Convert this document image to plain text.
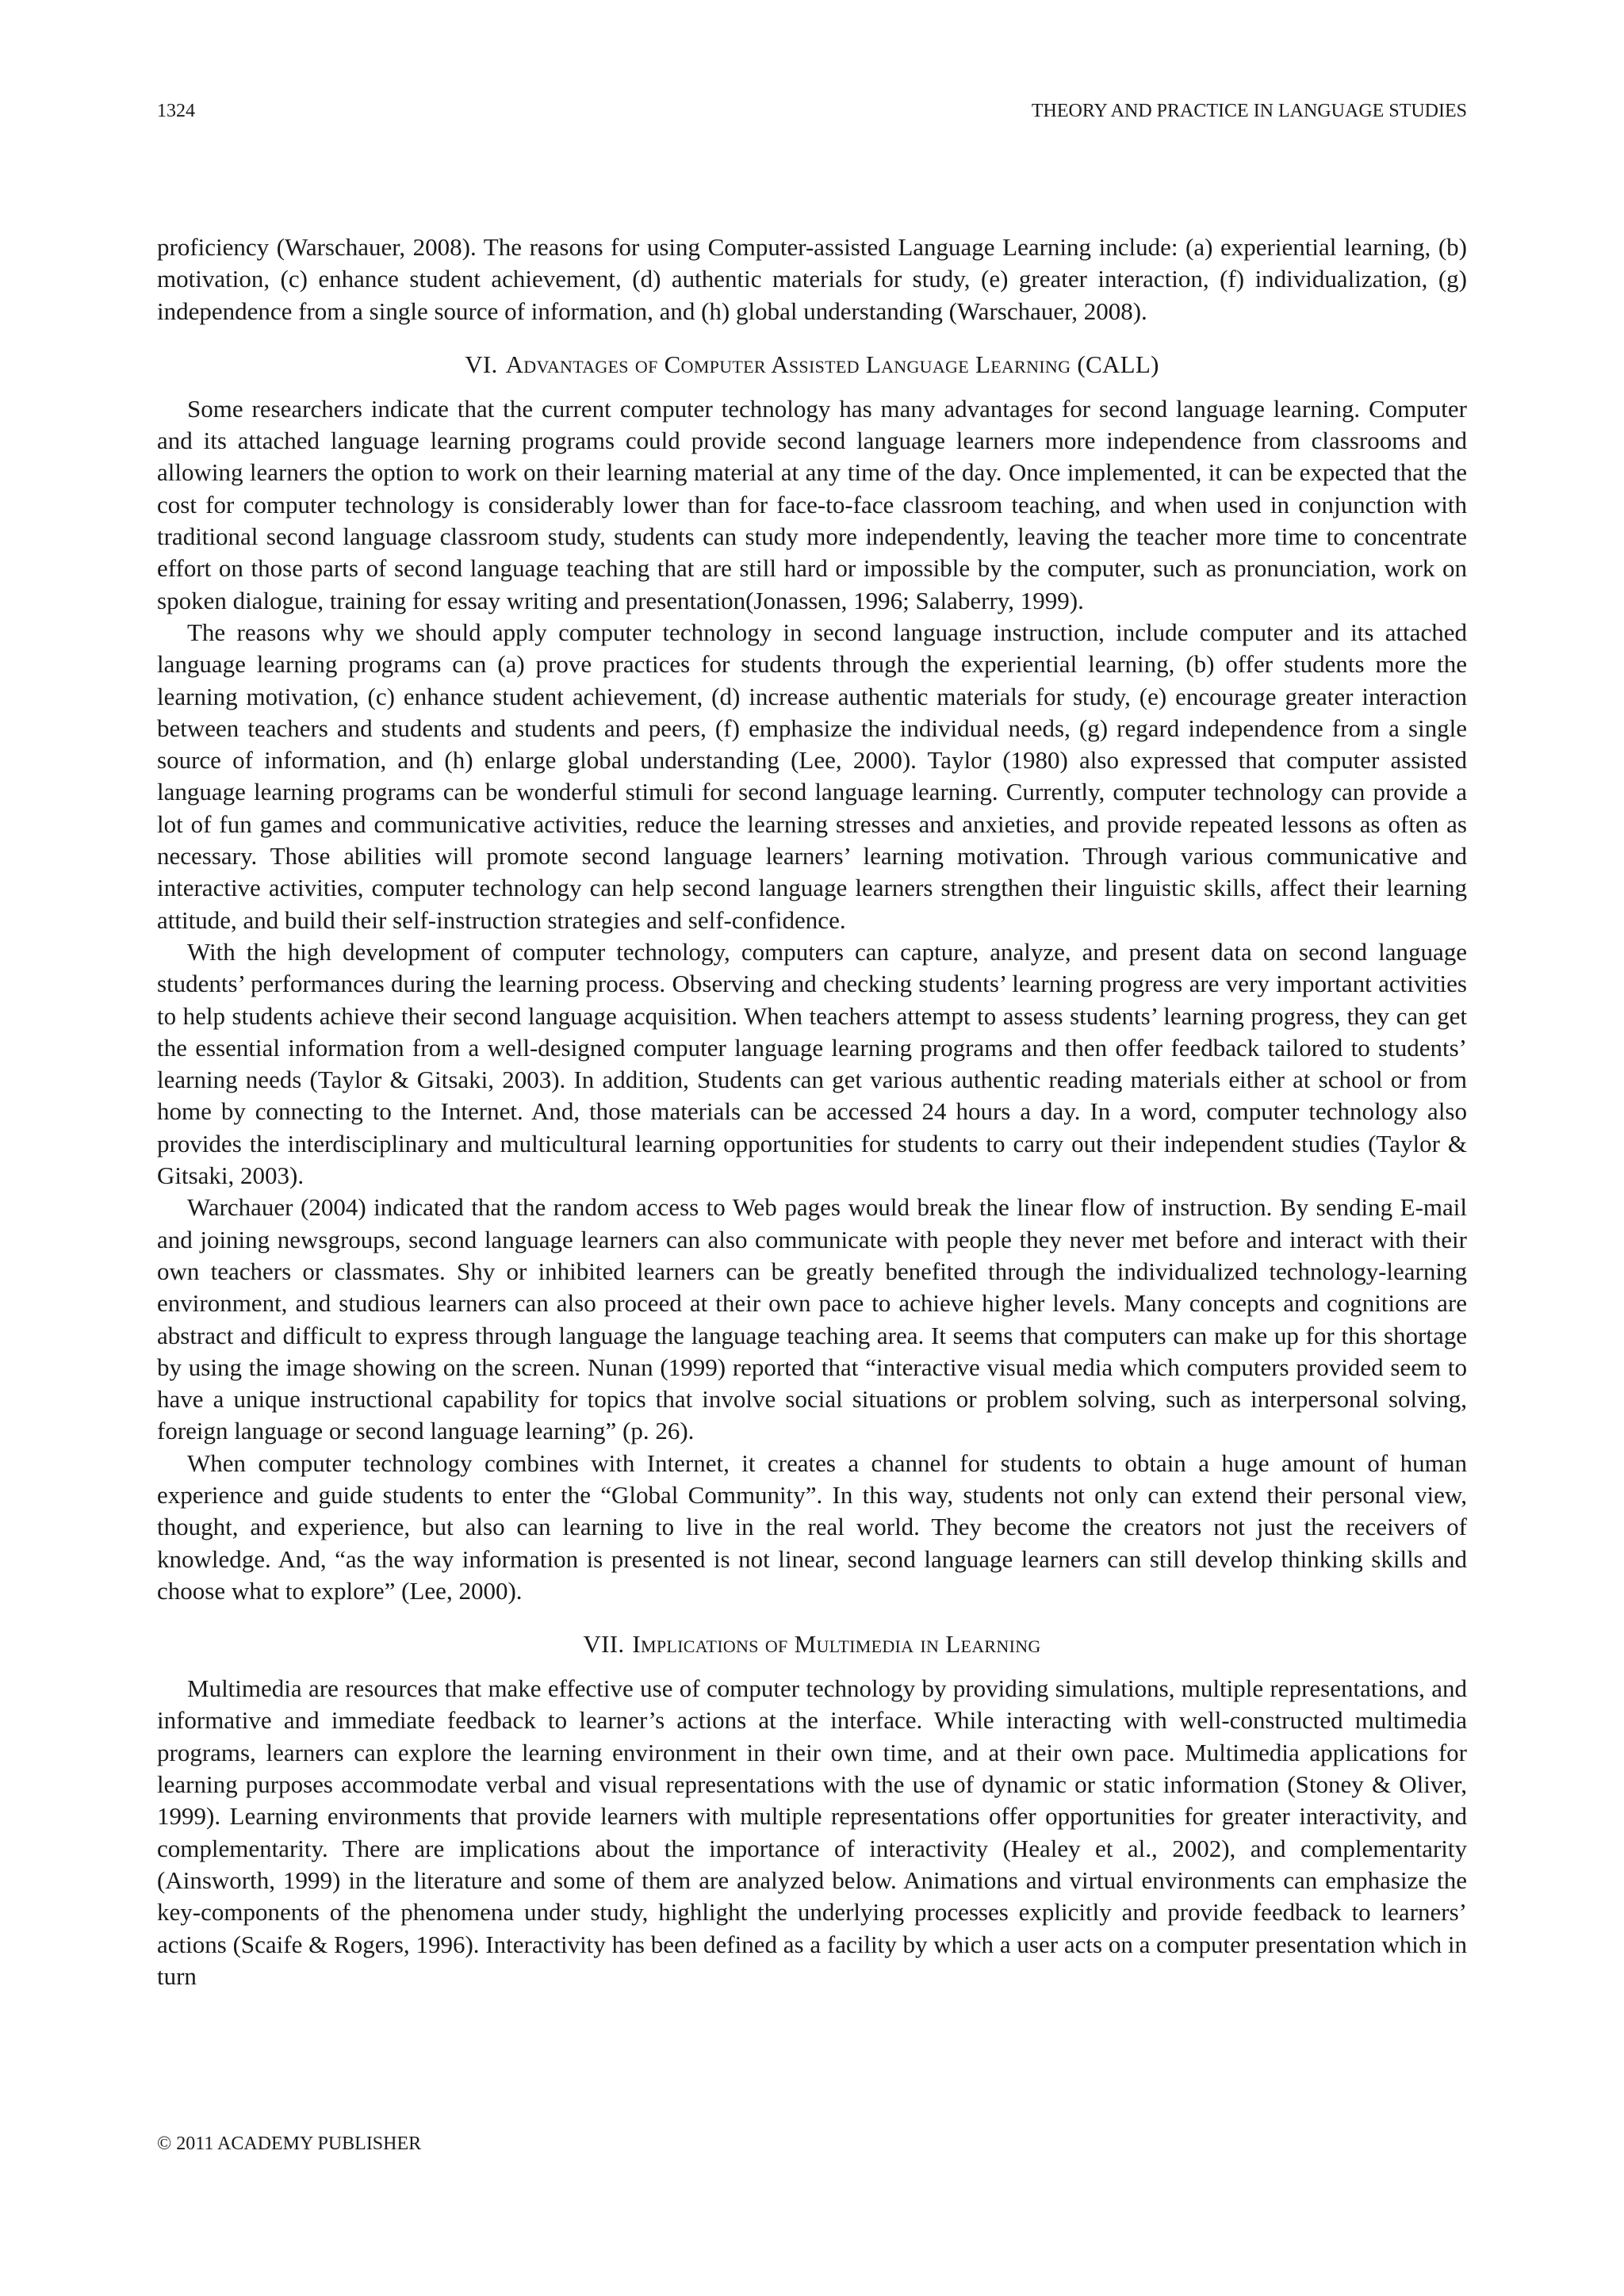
1324	THEORY AND PRACTICE IN LANGUAGE STUDIES

proficiency (Warschauer, 2008). The reasons for using Computer-assisted Language Learning include: (a) experiential learning, (b) motivation, (c) enhance student achievement, (d) authentic materials for study, (e) greater interaction, (f) individualization, (g) independence from a single source of information, and (h) global understanding (Warschauer, 2008).

VI. Advantages of Computer Assisted Language Learning (CALL)

Some researchers indicate that the current computer technology has many advantages for second language learning. Computer and its attached language learning programs could provide second language learners more independence from classrooms and allowing learners the option to work on their learning material at any time of the day. Once implemented, it can be expected that the cost for computer technology is considerably lower than for face-to-face classroom teaching, and when used in conjunction with traditional second language classroom study, students can study more independently, leaving the teacher more time to concentrate effort on those parts of second language teaching that are still hard or impossible by the computer, such as pronunciation, work on spoken dialogue, training for essay writing and presentation(Jonassen, 1996; Salaberry, 1999).

The reasons why we should apply computer technology in second language instruction, include computer and its attached language learning programs can (a) prove practices for students through the experiential learning, (b) offer students more the learning motivation, (c) enhance student achievement, (d) increase authentic materials for study, (e) encourage greater interaction between teachers and students and students and peers, (f) emphasize the individual needs, (g) regard independence from a single source of information, and (h) enlarge global understanding (Lee, 2000). Taylor (1980) also expressed that computer assisted language learning programs can be wonderful stimuli for second language learning. Currently, computer technology can provide a lot of fun games and communicative activities, reduce the learning stresses and anxieties, and provide repeated lessons as often as necessary. Those abilities will promote second language learners’ learning motivation. Through various communicative and interactive activities, computer technology can help second language learners strengthen their linguistic skills, affect their learning attitude, and build their self-instruction strategies and self-confidence.

With the high development of computer technology, computers can capture, analyze, and present data on second language students’ performances during the learning process. Observing and checking students’ learning progress are very important activities to help students achieve their second language acquisition. When teachers attempt to assess students’ learning progress, they can get the essential information from a well-designed computer language learning programs and then offer feedback tailored to students’ learning needs (Taylor & Gitsaki, 2003). In addition, Students can get various authentic reading materials either at school or from home by connecting to the Internet. And, those materials can be accessed 24 hours a day. In a word, computer technology also provides the interdisciplinary and multicultural learning opportunities for students to carry out their independent studies (Taylor & Gitsaki, 2003).

Warchauer (2004) indicated that the random access to Web pages would break the linear flow of instruction. By sending E-mail and joining newsgroups, second language learners can also communicate with people they never met before and interact with their own teachers or classmates. Shy or inhibited learners can be greatly benefited through the individualized technology-learning environment, and studious learners can also proceed at their own pace to achieve higher levels. Many concepts and cognitions are abstract and difficult to express through language the language teaching area. It seems that computers can make up for this shortage by using the image showing on the screen. Nunan (1999) reported that “interactive visual media which computers provided seem to have a unique instructional capability for topics that involve social situations or problem solving, such as interpersonal solving, foreign language or second language learning” (p. 26).

When computer technology combines with Internet, it creates a channel for students to obtain a huge amount of human experience and guide students to enter the “Global Community”. In this way, students not only can extend their personal view, thought, and experience, but also can learning to live in the real world. They become the creators not just the receivers of knowledge. And, “as the way information is presented is not linear, second language learners can still develop thinking skills and choose what to explore” (Lee, 2000).

VII. Implications of Multimedia in Learning

Multimedia are resources that make effective use of computer technology by providing simulations, multiple representations, and informative and immediate feedback to learner’s actions at the interface. While interacting with well-constructed multimedia programs, learners can explore the learning environment in their own time, and at their own pace. Multimedia applications for learning purposes accommodate verbal and visual representations with the use of dynamic or static information (Stoney & Oliver, 1999). Learning environments that provide learners with multiple representations offer opportunities for greater interactivity, and complementarity. There are implications about the importance of interactivity (Healey et al., 2002), and complementarity (Ainsworth, 1999) in the literature and some of them are analyzed below. Animations and virtual environments can emphasize the key-components of the phenomena under study, highlight the underlying processes explicitly and provide feedback to learners’ actions (Scaife & Rogers, 1996). Interactivity has been defined as a facility by which a user acts on a computer presentation which in turn

© 2011 ACADEMY PUBLISHER
